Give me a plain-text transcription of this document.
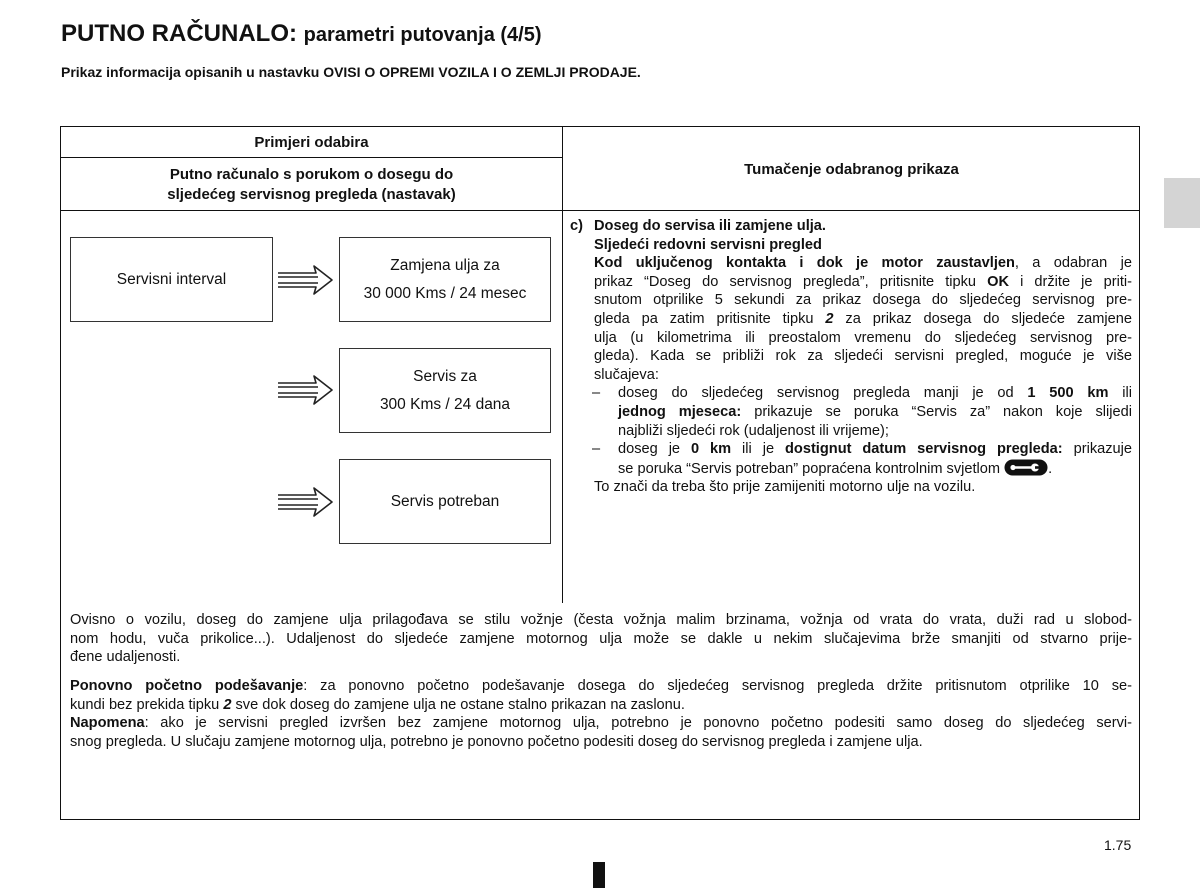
PUTNO RAČUNALO: parametri putovanja (4/5)
Prikaz informacija opisanih u nastavku OVISI O OPREMI VOZILA I O ZEMLJI PRODAJE.
Primjeri odabira
Putno računalo s porukom o dosegu do
sljedećeg servisnog pregleda (nastavak)
Tumačenje odabranog prikaza
Servisni interval
Zamjena ulja za
30 000 Kms / 24 mesec
Servis za
300 Kms / 24 dana
Servis potreban
c) Doseg do servisa ili zamjene ulja.
Sljedeći redovni servisni pregled
Kod uključenog kontakta i dok je motor zaustavljen, a odabran je
prikaz “Doseg do servisnog pregleda”, pritisnite tipku OK i držite je priti-
snutom otprilike 5 sekundi za prikaz dosega do sljedećeg servisnog pre-
gleda pa zatim pritisnite tipku 2 za prikaz dosega do sljedeće zamjene
ulja (u kilometrima ili preostalom vremenu do sljedećeg servisnog pre-
gleda). Kada se približi rok za sljedeći servisni pregled, moguće je više
slučajeva:
– doseg do sljedećeg servisnog pregleda manji je od 1 500 km ili
jednog mjeseca: prikazuje se poruka “Servis za” nakon koje slijedi
najbliži sljedeći rok (udaljenost ili vrijeme);
– doseg je 0 km ili je dostignut datum servisnog pregleda: prikazuje
se poruka “Servis potreban” popraćena kontrolnim svjetlom	.
To znači da treba što prije zamijeniti motorno ulje na vozilu.
Ovisno o vozilu, doseg do zamjene ulja prilagođava se stilu vožnje (česta vožnja malim brzinama, vožnja od vrata do vrata, duži rad u slobod-
nom hodu, vuča prikolice...). Udaljenost do sljedeće zamjene motornog ulja može se dakle u nekim slučajevima brže smanjiti od stvarno prije-
đene udaljenosti.
Ponovno početno podešavanje: za ponovno početno podešavanje dosega do sljedećeg servisnog pregleda držite pritisnutom otprilike 10 se-
kundi bez prekida tipku 2 sve dok doseg do zamjene ulja ne ostane stalno prikazan na zaslonu.
Napomena: ako je servisni pregled izvršen bez zamjene motornog ulja, potrebno je ponovno početno podesiti samo doseg do sljedećeg servi-
snog pregleda. U slučaju zamjene motornog ulja, potrebno je ponovno početno podesiti doseg do servisnog pregleda i zamjene ulja.
1.75
